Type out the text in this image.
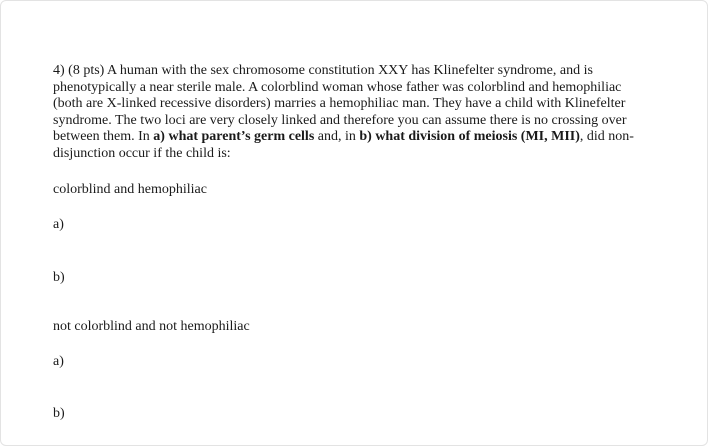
4) (8 pts) A human with the sex chromosome constitution XXY has Klinefelter syndrome, and is phenotypically a near sterile male. A colorblind woman whose father was colorblind and hemophiliac (both are X-linked recessive disorders) marries a hemophiliac man. They have a child with Klinefelter syndrome. The two loci are very closely linked and therefore you can assume there is no crossing over between them. In a) what parent’s germ cells and, in b) what division of meiosis (MI, MII), did non-disjunction occur if the child is:
colorblind and hemophiliac
a)
b)
not colorblind and not hemophiliac
a)
b)
